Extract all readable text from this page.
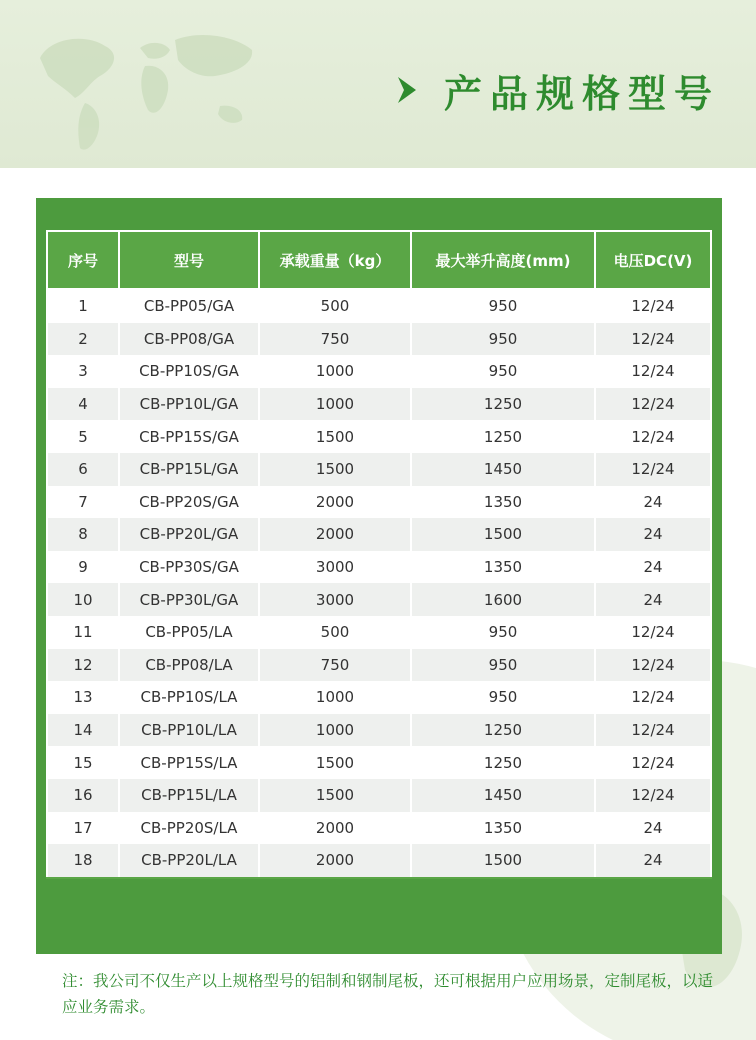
产品规格型号
序号	型号	承载重量（kg）	最大举升高度(mm)	电压DC(V)
1	CB-PP05/GA	500	950	12/24
2	CB-PP08/GA	750	950	12/24
3	CB-PP10S/GA	1000	950	12/24
4	CB-PP10L/GA	1000	1250	12/24
5	CB-PP15S/GA	1500	1250	12/24
6	CB-PP15L/GA	1500	1450	12/24
7	CB-PP20S/GA	2000	1350	24
8	CB-PP20L/GA	2000	1500	24
9	CB-PP30S/GA	3000	1350	24
10	CB-PP30L/GA	3000	1600	24
11	CB-PP05/LA	500	950	12/24
12	CB-PP08/LA	750	950	12/24
13	CB-PP10S/LA	1000	950	12/24
14	CB-PP10L/LA	1000	1250	12/24
15	CB-PP15S/LA	1500	1250	12/24
16	CB-PP15L/LA	1500	1450	12/24
17	CB-PP20S/LA	2000	1350	24
18	CB-PP20L/LA	2000	1500	24
注：我公司不仅生产以上规格型号的铝制和钢制尾板，还可根据用户应用场景，定制尾板，以适应业务需求。
